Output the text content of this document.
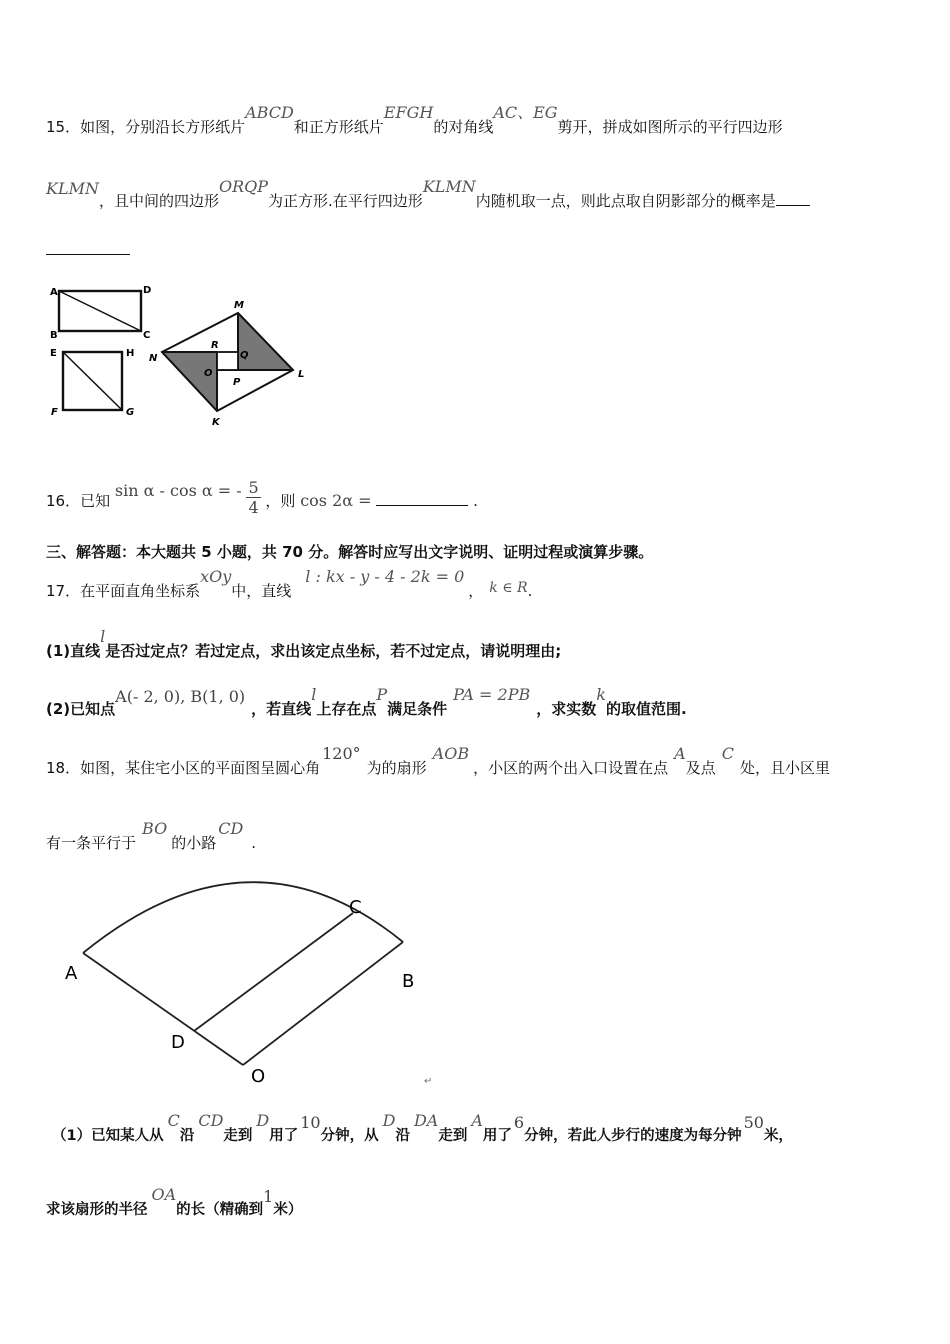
15．如图，分别沿长方形纸片ABCD和正方形纸片EFGH的对角线AC、EG剪开，拼成如图所示的平行四边形
KLMN，且中间的四边形ORQP为正方形.在平行四边形KLMN内随机取一点，则此点取自阴影部分的概率是
A	D
B	C
E	H
F	G
M
N
L
K
R
Q
O
P
16．已知 sin α - cos α = - $\frac{5}{4}$ ，则 cos 2α =	.
三、解答题：本大题共 5 小题，共 70 分。解答时应写出文字说明、证明过程或演算步骤。
17．在平面直角坐标系xOy中，直线l : kx - y - 4 - 2k = 0， k ∈ R.
(1)直线l是否过定点？若过定点，求出该定点坐标，若不过定点，请说明理由;
(2)已知点A(- 2, 0), B(1, 0)，若直线l上存在点P满足条件PA = 2PB，求实数k的取值范围.
18．如图，某住宅小区的平面图呈圆心角120°为的扇形AOB，小区的两个出入口设置在点A及点C处，且小区里
有一条平行于BO的小路CD.
A	B
C
D
O	↵
（1）已知某人从C沿CD走到D用了10分钟，从D沿DA走到A用了6分钟，若此人步行的速度为每分钟50米，
求该扇形的半径OA的长（精确到1米）
